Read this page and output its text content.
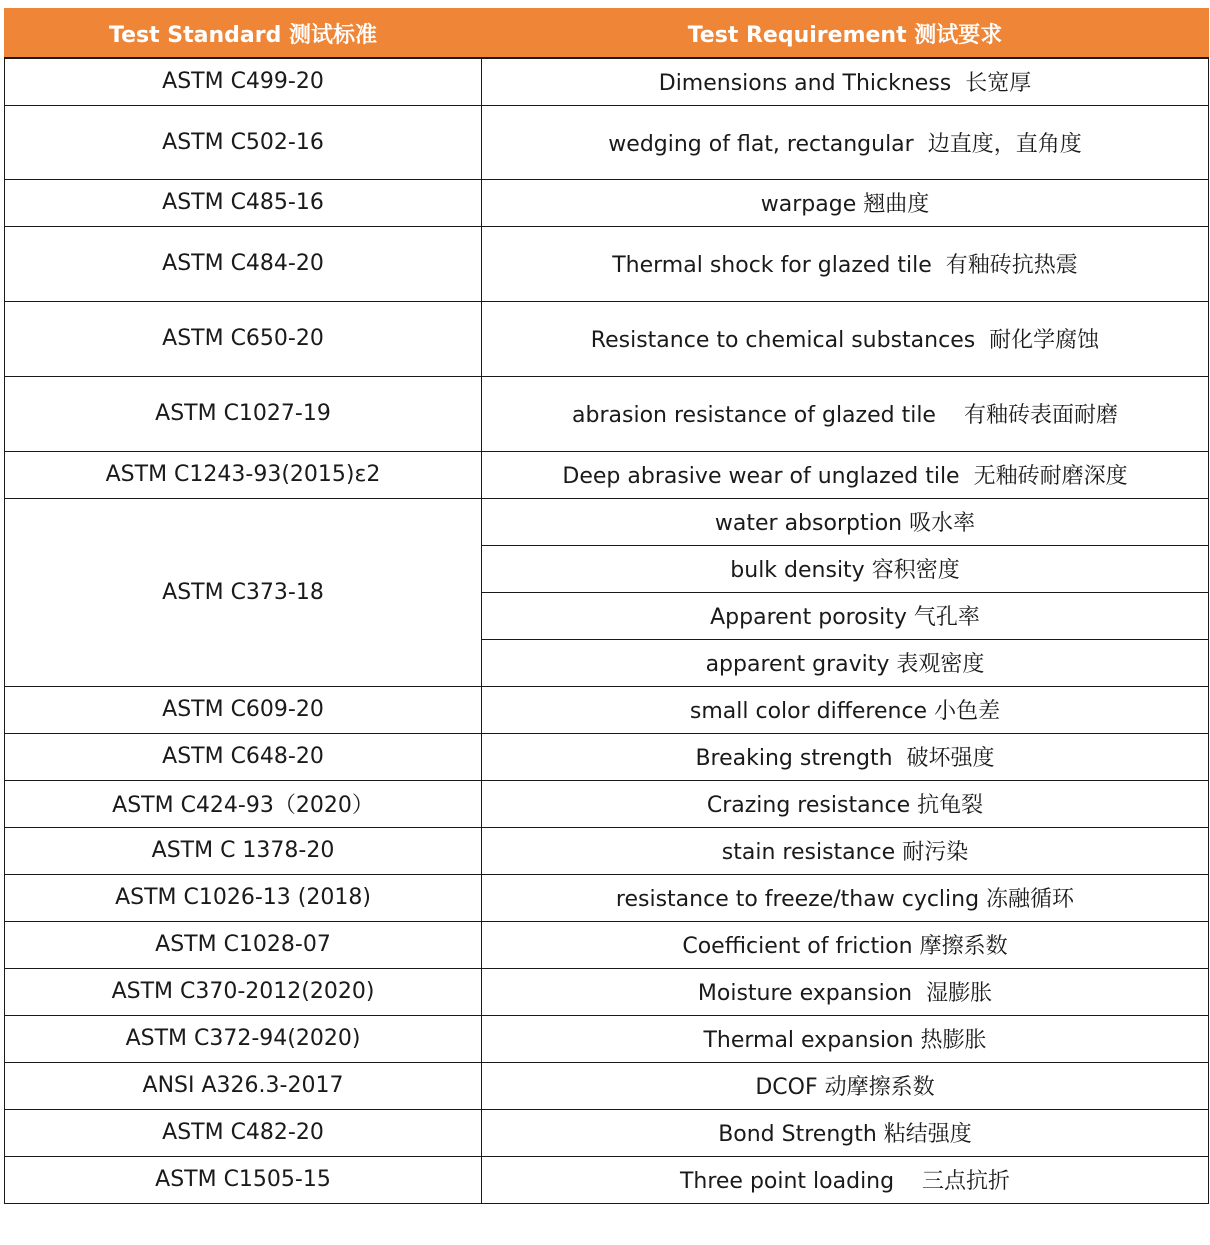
Test Standard 测试标准	Test Requirement 测试要求
ASTM C499-20	Dimensions and Thickness  长宽厚
ASTM C502-16	wedging of flat, rectangular  边直度，直角度
ASTM C485-16	warpage 翘曲度
ASTM C484-20	Thermal shock for glazed tile  有釉砖抗热震
ASTM C650-20	Resistance to chemical substances  耐化学腐蚀
ASTM C1027-19	abrasion resistance of glazed tile    有釉砖表面耐磨
ASTM C1243-93(2015)ε2	Deep abrasive wear of unglazed tile  无釉砖耐磨深度
ASTM C373-18	water absorption 吸水率
	bulk density 容积密度
	Apparent porosity 气孔率
	apparent gravity 表观密度
ASTM C609-20	small color difference 小色差
ASTM C648-20	Breaking strength  破坏强度
ASTM C424-93（2020）	Crazing resistance 抗龟裂
ASTM C 1378-20	stain resistance 耐污染
ASTM C1026-13 (2018)	resistance to freeze/thaw cycling 冻融循环
ASTM C1028-07	Coefficient of friction 摩擦系数
ASTM C370-2012(2020)	Moisture expansion  湿膨胀
ASTM C372-94(2020)	Thermal expansion 热膨胀
ANSI A326.3-2017	DCOF 动摩擦系数
ASTM C482-20	Bond Strength 粘结强度
ASTM C1505-15	Three point loading    三点抗折
